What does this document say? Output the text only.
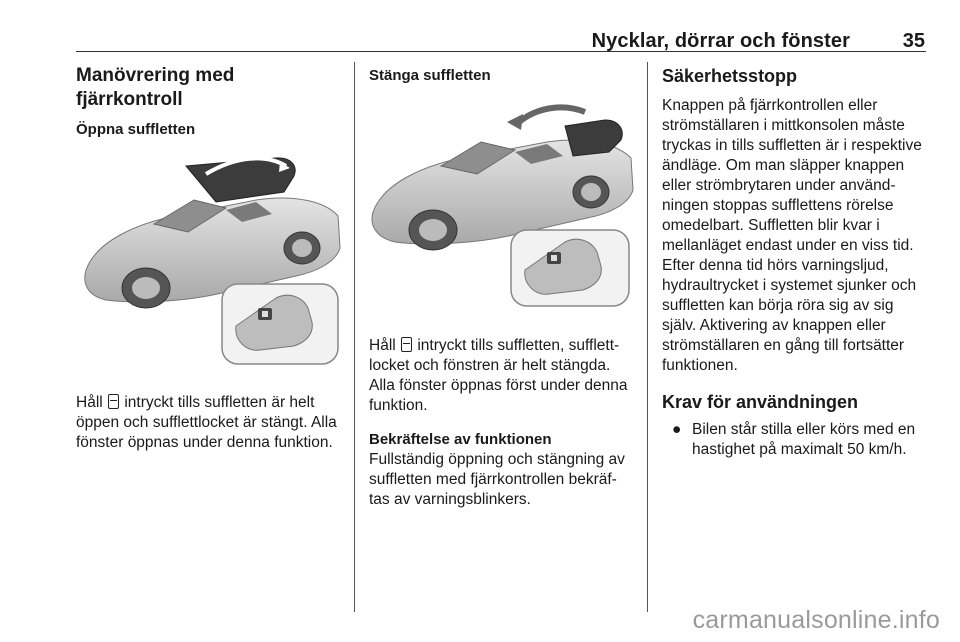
Nycklar, dörrar och fönster	35
Manövrering med fjärrkontroll
Öppna suffletten

Håll  intryckt tills suffletten är helt öppen och sufflettlocket är stängt. Alla fönster öppnas under denna funktion.

Stänga suffletten

Håll  intryckt tills suffletten, sufflett-locket och fönstren är helt stängda. Alla fönster öppnas först under denna funktion.

Bekräftelse av funktionen

Fullständig öppning och stängning av suffletten med fjärrkontrollen bekräf-tas av varningsblinkers.

Säkerhetsstopp

Knappen på fjärrkontrollen eller strömställaren i mittkonsolen måste tryckas in tills suffletten är i respektive ändläge. Om man släpper knappen eller strömbrytaren under använd-ningen stoppas sufflettens rörelse omedelbart. Suffletten blir kvar i mellanläget endast under en viss tid. Efter denna tid hörs varningsljud, hydraultrycket i systemet sjunker och suffletten kan börja röra sig av sig själv. Aktivering av knappen eller strömställaren en gång till fortsätter funktionen.

Krav för användningen
● Bilen står stilla eller körs med en hastighet på maximalt 50 km/h.
carmanualsonline.info
